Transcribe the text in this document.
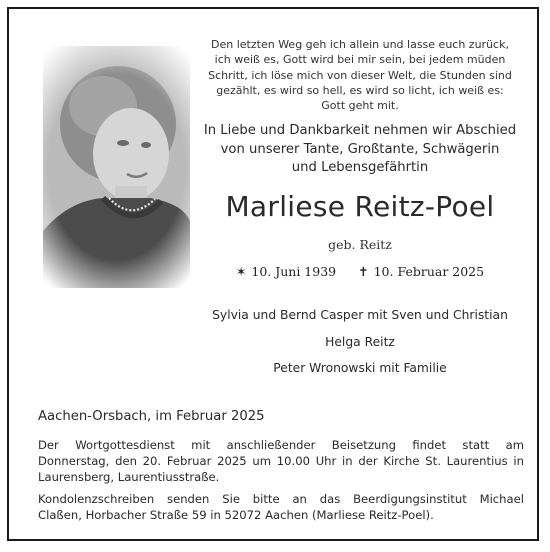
Den letzten Weg geh ich allein und lasse euch zurück,
ich weiß es, Gott wird bei mir sein, bei jedem müden
Schritt, ich löse mich von dieser Welt, die Stunden sind
gezählt, es wird so hell, es wird so licht, ich weiß es:
Gott geht mit.
In Liebe und Dankbarkeit nehmen wir Abschied
von unserer Tante, Großtante, Schwägerin
und Lebensgefährtin
Marliese Reitz-Poel
geb. Reitz
✶ 10. Juni 1939 ✝ 10. Februar 2025
Sylvia und Bernd Casper mit Sven und Christian
Helga Reitz
Peter Wronowski mit Familie
Aachen-Orsbach, im Februar 2025
Der Wortgottesdienst mit anschließender Beisetzung findet statt am
Donnerstag, den 20. Februar 2025 um 10.00 Uhr in der Kirche St. Laurentius in
Laurensberg, Laurentiusstraße.
Kondolenzschreiben senden Sie bitte an das Beerdigungsinstitut Michael
Claßen, Horbacher Straße 59 in 52072 Aachen (Marliese Reitz-Poel).
